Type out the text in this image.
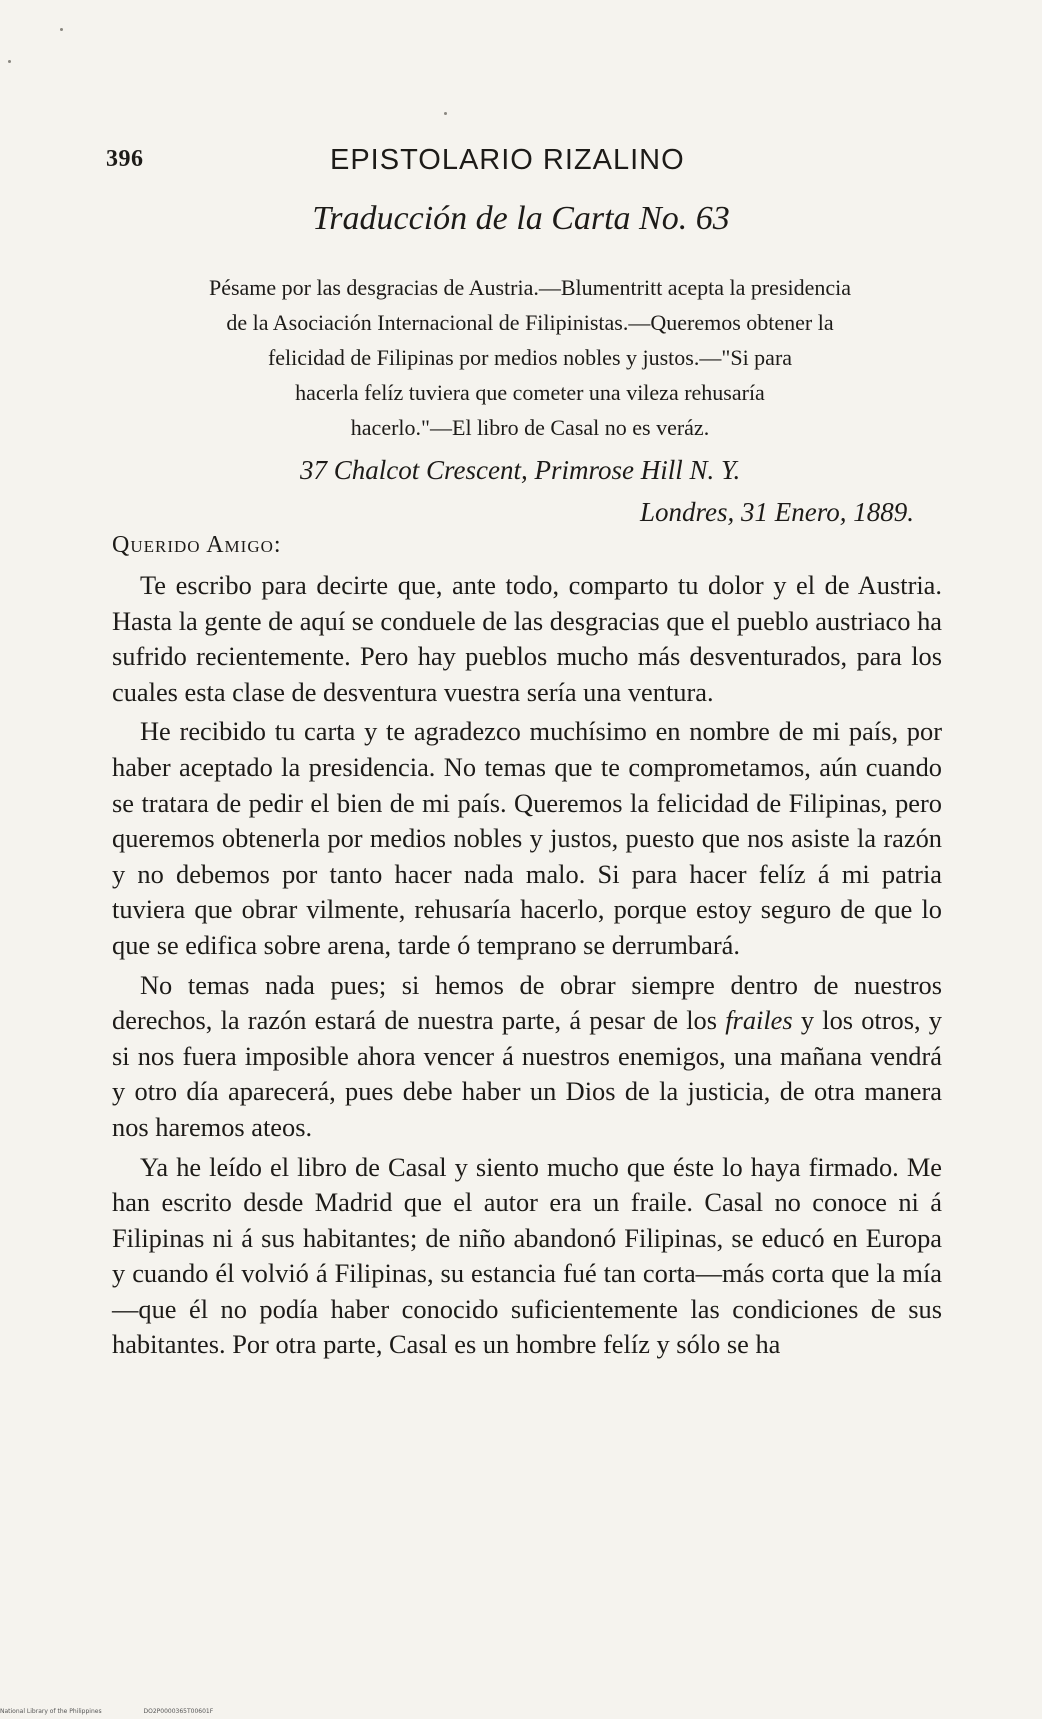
396	EPISTOLARIO RIZALINO
Traducción de la Carta No. 63

Pésame por las desgracias de Austria.—Blumentritt acepta la presidencia

de la Asociación Internacional de Filipinistas.—Queremos obtener la

felicidad de Filipinas por medios nobles y justos.—"Si para

hacerla felíz tuviera que cometer una vileza rehusaría

hacerlo."—El libro de Casal no es veráz.

37 Chalcot Crescent, Primrose Hill N. Y.
Londres, 31 Enero, 1889.
Querido Amigo:

Te escribo para decirte que, ante todo, comparto tu dolor y el de Austria. Hasta la gente de aquí se conduele de las desgracias que el pueblo austriaco ha sufrido recientemente. Pero hay pueblos mucho más desventurados, para los cuales esta clase de desventura vuestra sería una ventura.

He recibido tu carta y te agradezco muchísimo en nombre de mi país, por haber aceptado la presidencia. No temas que te comprometamos, aún cuando se tratara de pedir el bien de mi país. Queremos la felicidad de Filipinas, pero queremos obtenerla por medios nobles y justos, puesto que nos asiste la razón y no debemos por tanto hacer nada malo. Si para hacer felíz á mi patria tuviera que obrar vilmente, rehusaría hacerlo, porque estoy seguro de que lo que se edifica sobre arena, tarde ó temprano se derrumbará.

No temas nada pues; si hemos de obrar siempre dentro de nuestros derechos, la razón estará de nuestra parte, á pesar de los frailes y los otros, y si nos fuera imposible ahora vencer á nuestros enemigos, una mañana vendrá y otro día aparecerá, pues debe haber un Dios de la justicia, de otra manera nos haremos ateos.

Ya he leído el libro de Casal y siento mucho que éste lo haya firmado. Me han escrito desde Madrid que el autor era un fraile. Casal no conoce ni á Filipinas ni á sus habitantes; de niño abandonó Filipinas, se educó en Europa y cuando él volvió á Filipinas, su estancia fué tan corta—más corta que la mía—que él no podía haber conocido suficientemente las condiciones de sus habitantes. Por otra parte, Casal es un hombre felíz y sólo se ha

National Library of the Philippines	DO2P0000365T00601F
